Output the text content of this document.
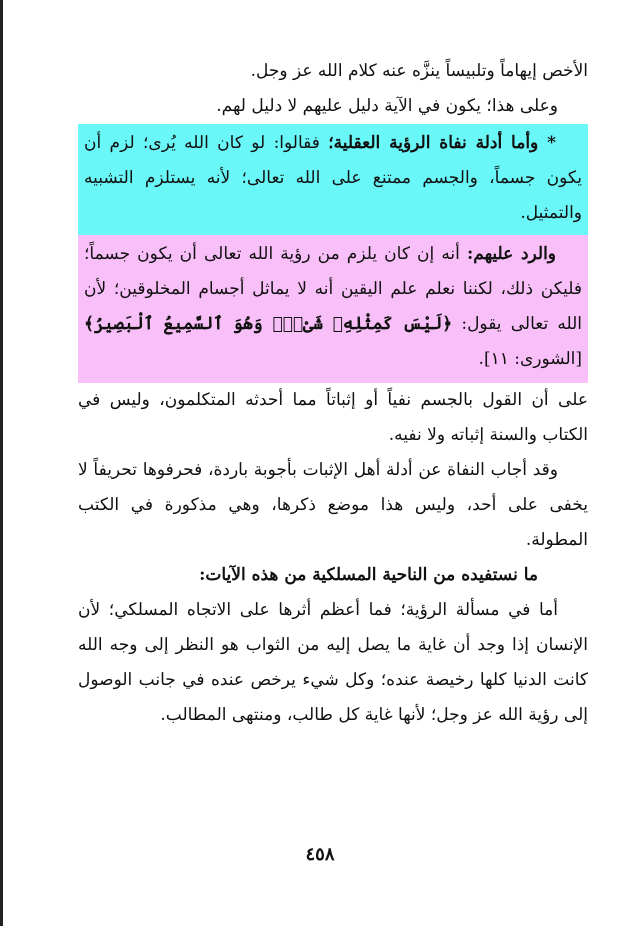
الأخص إيهاماً وتلبيساً ينزَّه عنه كلام الله عز وجل.

وعلى هذا؛ يكون في الآية دليل عليهم لا دليل لهم.

* وأما أدلة نفاة الرؤية العقلية؛ فقالوا: لو كان الله يُرى؛ لزم أن يكون جسماً، والجسم ممتنع على الله تعالى؛ لأنه يستلزم التشبيه والتمثيل.

والرد عليهم: أنه إن كان يلزم من رؤية الله تعالى أن يكون جسماً؛ فليكن ذلك، لكننا نعلم علم اليقين أنه لا يماثل أجسام المخلوقين؛ لأن الله تعالى يقول: ﴿لَيْسَ كَمِثْلِهِۦ شَىْءٌۖ وَهُوَ ٱلسَّمِيعُ ٱلْبَصِيرُ﴾ [الشورى: ١١].

على أن القول بالجسم نفياً أو إثباتاً مما أحدثه المتكلمون، وليس في الكتاب والسنة إثباته ولا نفيه.

وقد أجاب النفاة عن أدلة أهل الإثبات بأجوبة باردة، فحرفوها تحريفاً لا يخفى على أحد، وليس هذا موضع ذكرها، وهي مذكورة في الكتب المطولة.

ما نستفيده من الناحية المسلكية من هذه الآيات:

أما في مسألة الرؤية؛ فما أعظم أثرها على الاتجاه المسلكي؛ لأن الإنسان إذا وجد أن غاية ما يصل إليه من الثواب هو النظر إلى وجه الله كانت الدنيا كلها رخيصة عنده؛ وكل شيء يرخص عنده في جانب الوصول إلى رؤية الله عز وجل؛ لأنها غاية كل طالب، ومنتهى المطالب.

٤٥٨
